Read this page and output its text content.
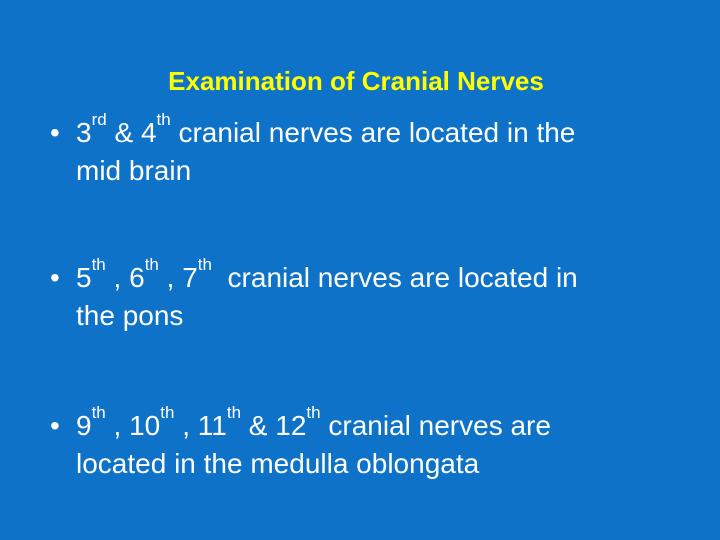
Examination of Cranial Nerves
• 3rd & 4th cranial nerves are located in the
mid brain
• 5th , 6th , 7th  cranial nerves are located in
the pons
• 9th , 10th , 11th & 12th cranial nerves are
located in the medulla oblongata
